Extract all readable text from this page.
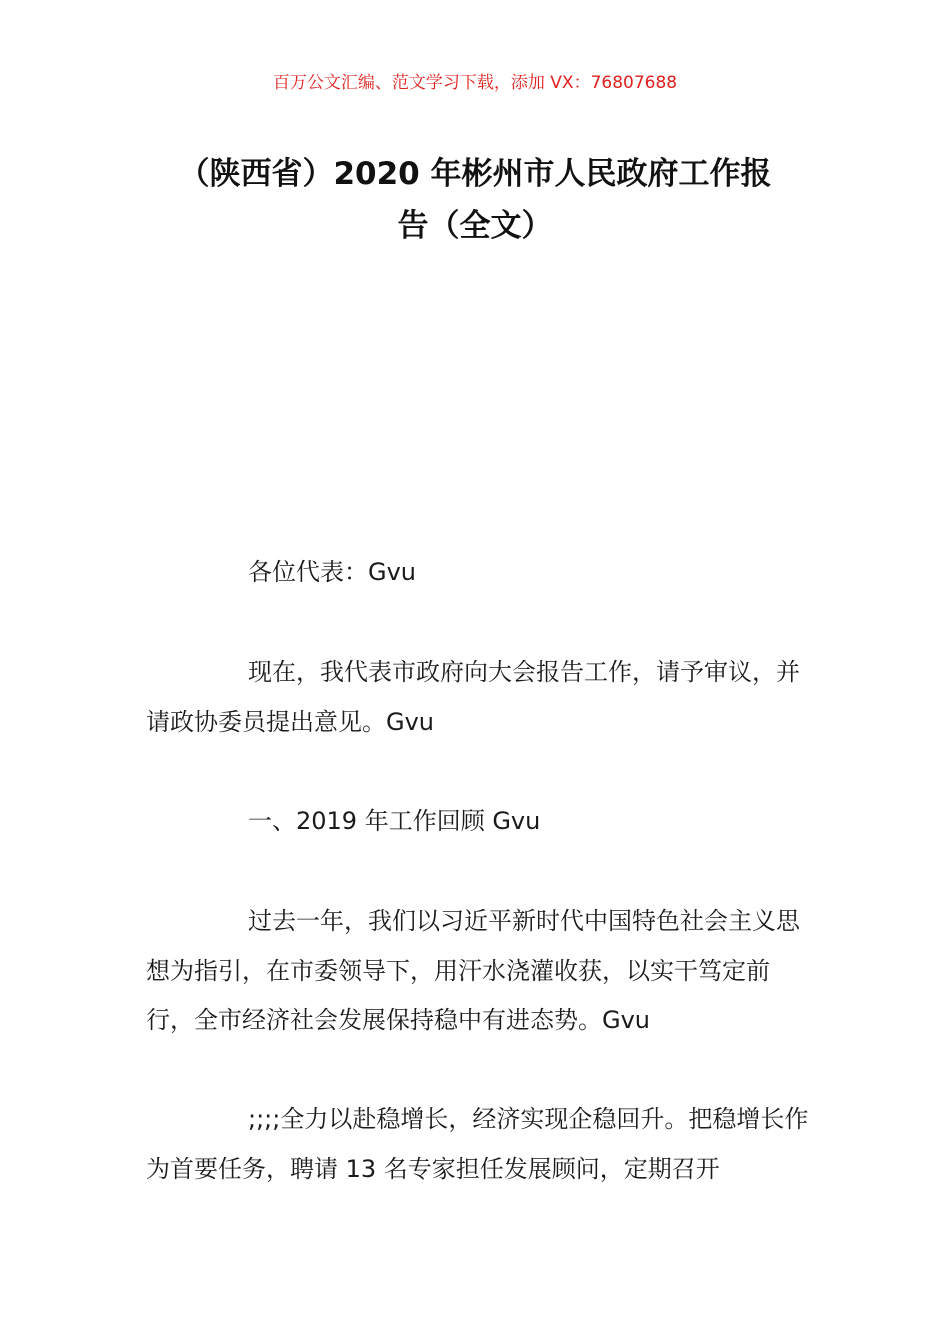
百万公文汇编、范文学习下载，添加 VX：76807688
（陕西省）2020 年彬州市人民政府工作报
告（全文）
各位代表：Gvu
现在，我代表市政府向大会报告工作，请予审议，并请政协委员提出意见。Gvu
一、2019 年工作回顾 Gvu
过去一年，我们以习近平新时代中国特色社会主义思想为指引，在市委领导下，用汗水浇灌收获，以实干笃定前行，全市经济社会发展保持稳中有进态势。Gvu
;;;;全力以赴稳增长，经济实现企稳回升。把稳增长作为首要任务，聘请 13 名专家担任发展顾问，定期召开
